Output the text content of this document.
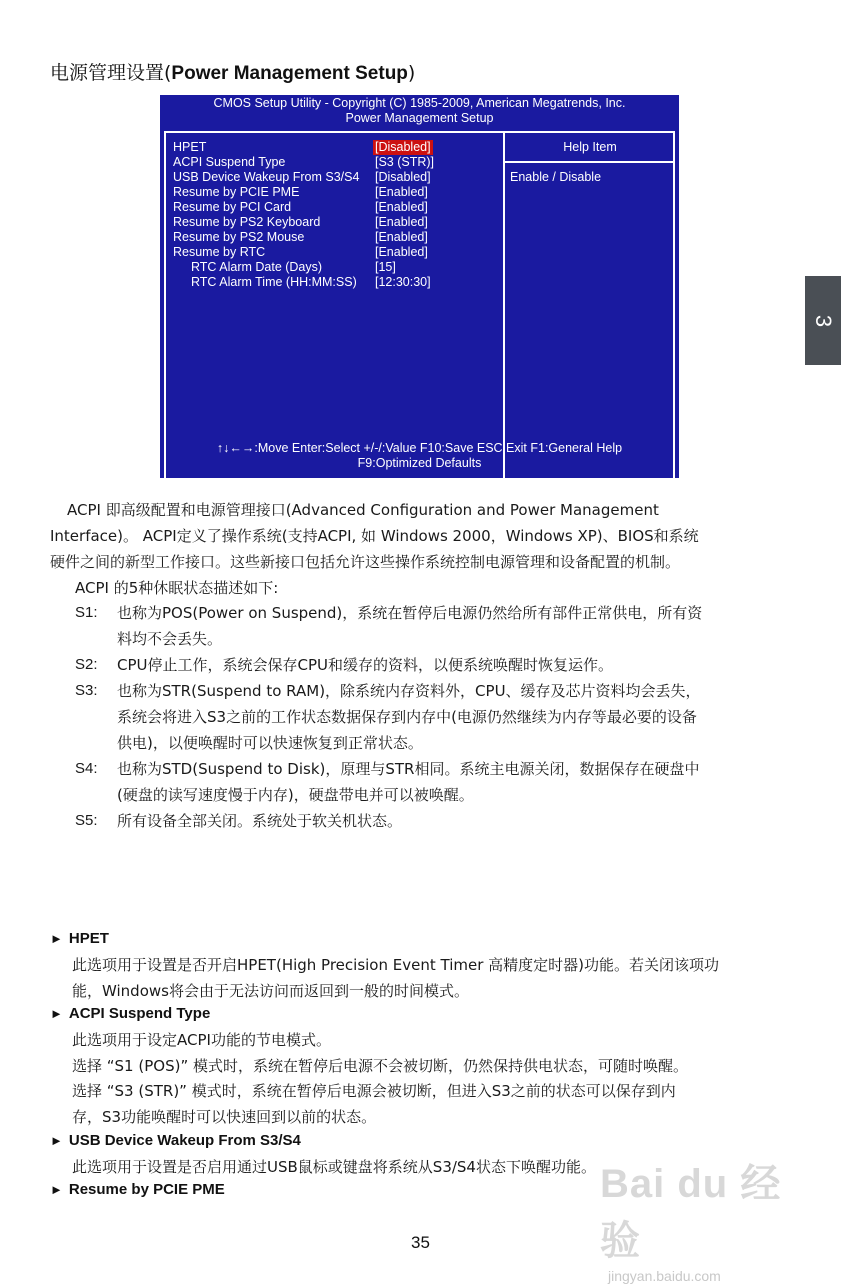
电源管理设置(Power Management Setup)
CMOS Setup Utility - Copyright (C) 1985-2009, American Megatrends, Inc.
Power Management Setup
Help Item
Enable / Disable
HPET	[Disabled]
ACPI Suspend Type	[S3 (STR)]
USB Device Wakeup From S3/S4 [Disabled]
Resume by PCIE PME	[Enabled]
Resume by PCI Card	[Enabled]
Resume by PS2 Keyboard	[Enabled]
Resume by PS2 Mouse	[Enabled]
Resume by RTC	[Enabled]
RTC Alarm Date (Days)	[15]
RTC Alarm Time (HH:MM:SS) [12:30:30]
↑↓←→:Move Enter:Select +/-/:Value F10:Save ESC:Exit F1:General Help
F9:Optimized Defaults
3
ACPI 即高级配置和电源管理接口(Advanced Configuration and Power Management
Interface)。 ACPI定义了操作系统(支持ACPI, 如 Windows 2000，Windows XP)、BIOS和系统
硬件之间的新型工作接口。这些新接口包括允许这些操作系统控制电源管理和设备配置的机制。
ACPI 的5种休眠状态描述如下:
S1: 也称为POS(Power on Suspend)，系统在暂停后电源仍然给所有部件正常供电，所有资
料均不会丢失。
S2: CPU停止工作，系统会保存CPU和缓存的资料，以便系统唤醒时恢复运作。
S3: 也称为STR(Suspend to RAM)，除系统内存资料外，CPU、缓存及芯片资料均会丢失，
系统会将进入S3之前的工作状态数据保存到内存中(电源仍然继续为内存等最必要的设备
供电)，以便唤醒时可以快速恢复到正常状态。
S4: 也称为STD(Suspend to Disk)，原理与STR相同。系统主电源关闭，数据保存在硬盘中
(硬盘的读写速度慢于内存)，硬盘带电并可以被唤醒。
S5: 所有设备全部关闭。系统处于软关机状态。
► HPET
此选项用于设置是否开启HPET(High Precision Event Timer 高精度定时器)功能。若关闭该项功
能，Windows将会由于无法访问而返回到一般的时间模式。
► ACPI Suspend Type
此选项用于设定ACPI功能的节电模式。
选择 “S1 (POS)” 模式时，系统在暂停后电源不会被切断，仍然保持供电状态，可随时唤醒。
选择 “S3 (STR)” 模式时，系统在暂停后电源会被切断，但进入S3之前的状态可以保存到内
存，S3功能唤醒时可以快速回到以前的状态。
► USB Device Wakeup From S3/S4
此选项用于设置是否启用通过USB鼠标或键盘将系统从S3/S4状态下唤醒功能。
► Resume by PCIE PME
35
Bai du 经验
jingyan.baidu.com
